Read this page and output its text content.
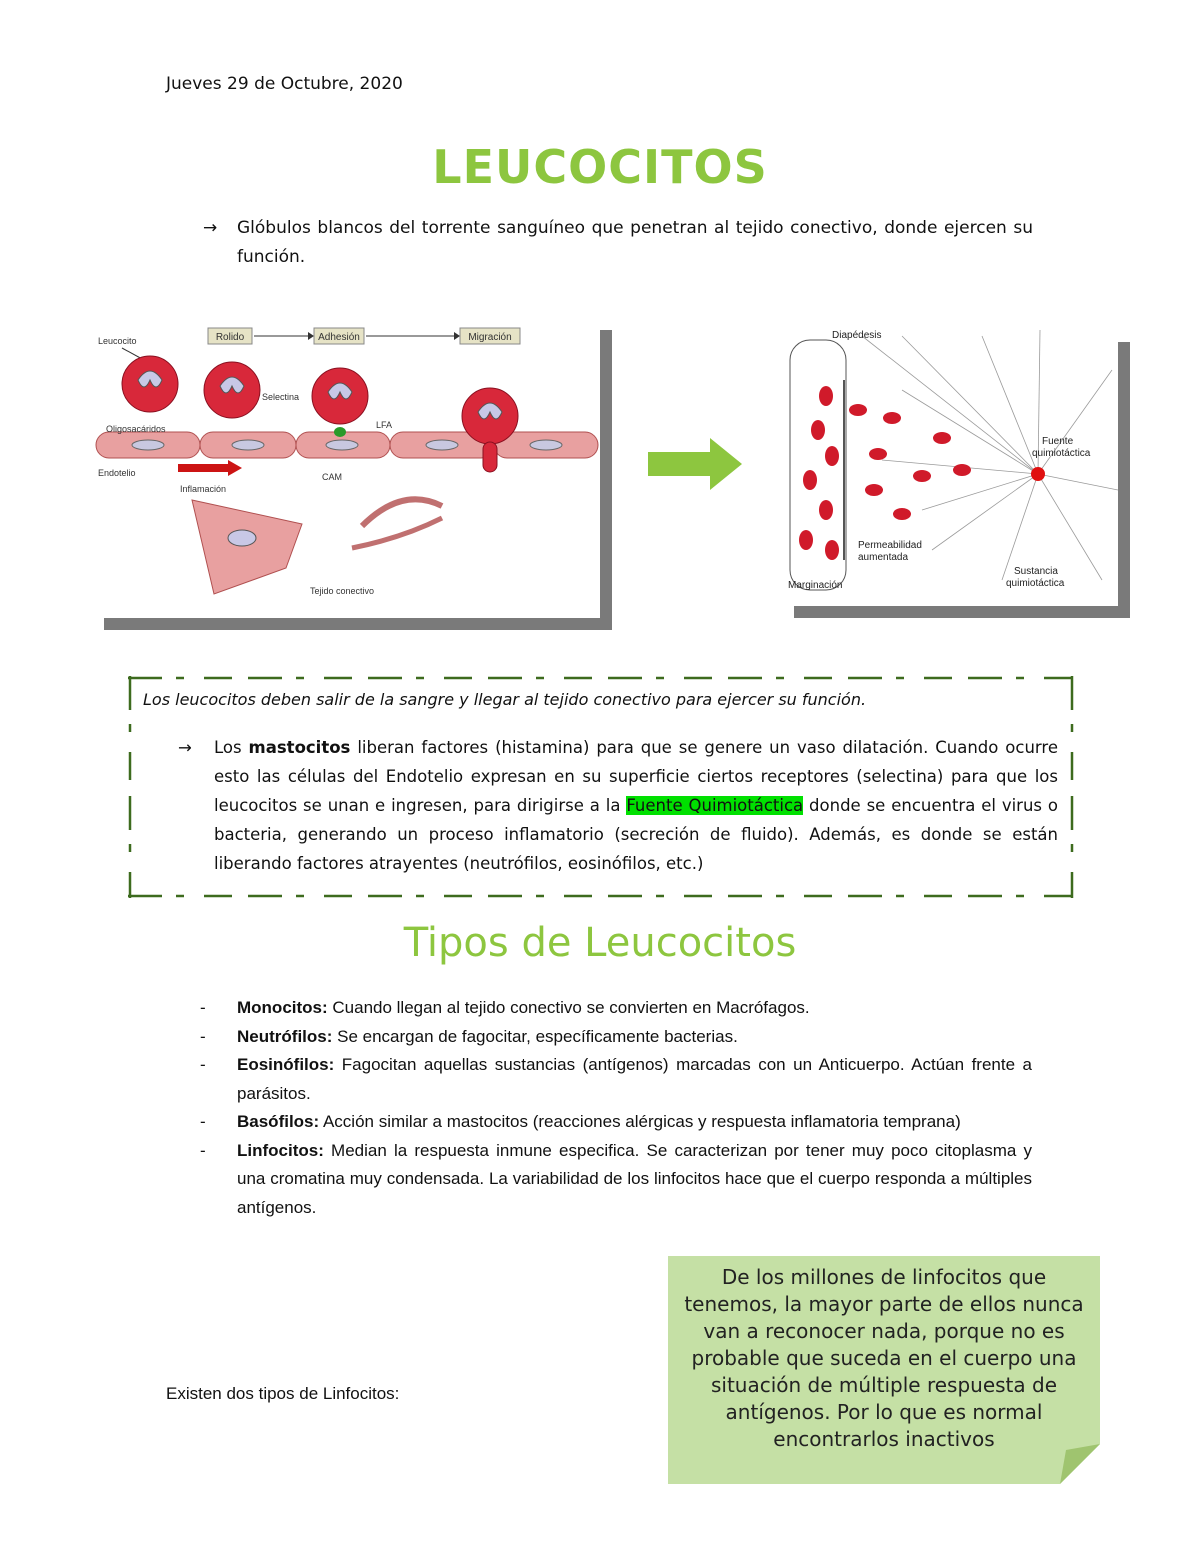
Jueves 29 de Octubre, 2020
LEUCOCITOS
→ Glóbulos blancos del torrente sanguíneo que penetran al tejido conectivo, donde ejercen su función.
Rolido	Adhesión	Migración
Leucocito
Selectina
Oligosacáridos	LFA
Endotelio	CAM
Inflamación
Tejido conectivo
Diapédesis
Fuente
quimiotáctica
Permeabilidad
aumentada
Marginación
Sustancia
quimiotáctica
Los leucocitos deben salir de la sangre y llegar al tejido conectivo para ejercer su función.
→ Los mastocitos liberan factores (histamina) para que se genere un vaso dilatación. Cuando ocurre esto las células del Endotelio expresan en su superficie ciertos receptores (selectina) para que los leucocitos se unan e ingresen, para dirigirse a la Fuente Quimiotáctica donde se encuentra el virus o bacteria, generando un proceso inflamatorio (secreción de fluido). Además, es donde se están liberando factores atrayentes (neutrófilos, eosinófilos, etc.)
Tipos de Leucocitos
- Monocitos: Cuando llegan al tejido conectivo se convierten en Macrófagos.
- Neutrófilos: Se encargan de fagocitar, específicamente bacterias.
- Eosinófilos: Fagocitan aquellas sustancias (antígenos) marcadas con un Anticuerpo. Actúan frente a parásitos.
- Basófilos: Acción similar a mastocitos (reacciones alérgicas y respuesta inflamatoria temprana)
- Linfocitos: Median la respuesta inmune especifica. Se caracterizan por tener muy poco citoplasma y una cromatina muy condensada. La variabilidad de los linfocitos hace que el cuerpo responda a múltiples antígenos.
Existen dos tipos de Linfocitos:
De los millones de linfocitos que tenemos, la mayor parte de ellos nunca van a reconocer nada, porque no es probable que suceda en el cuerpo una situación de múltiple respuesta de antígenos. Por lo que es normal encontrarlos inactivos
